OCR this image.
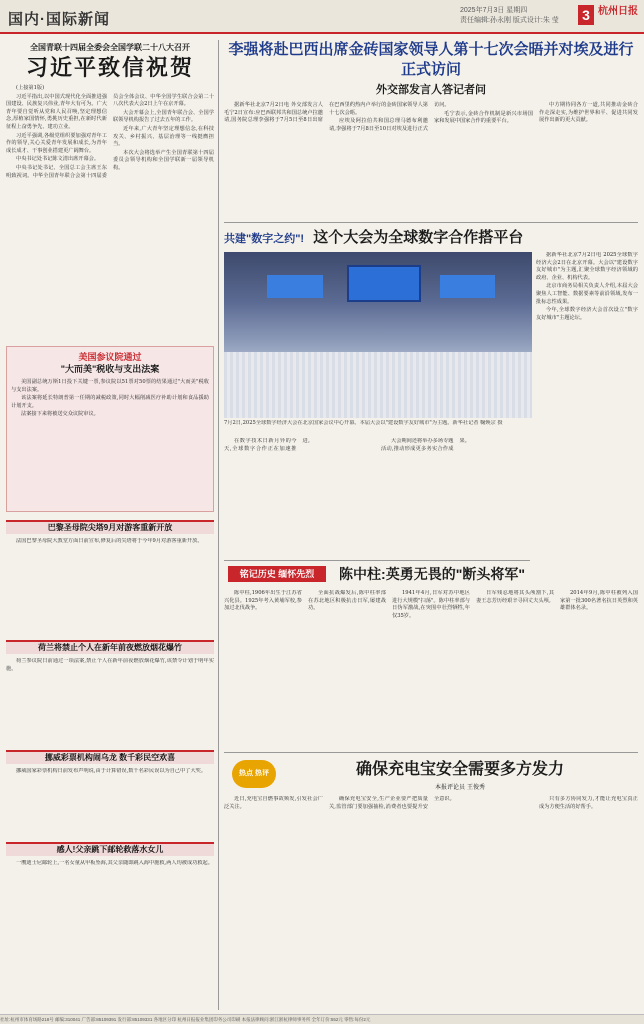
国内·国际新闻
2025年7月3日 星期四
责任编辑:孙永刚 版式设计:朱 莹 3 杭州日报
全国青联十四届全委会全国学联二十八大召开
习近平致信祝贺

(上接第1版)

习近平指出,以中国式现代化全面推进强国建设、民族复兴伟业,青年大有可为。广大青年要自觉听从党和人民召唤,坚定理想信念,厚植家国情怀,勇挑历史重担,在新时代新征程上奋勇争先、建功立业。

习近平强调,各级党组织要加强对青年工作的领导,关心关爱青年发展和成长,为青年成长成才、干事创业搭建更广阔舞台。

中央书记处书记陈文清出席开幕会。

中央书记处书记、全国总工会主席王东明致祝词。中华全国青年联合会第十四届委员会全体会议、中华全国学生联合会第二十八次代表大会2日上午在京开幕。

大会开幕会上,全国青年联合会、全国学联领导机构报告了过去五年的工作。

近年来,广大青年坚定理想信念,在科技攻关、乡村振兴、基层治理等一线挺膺担当。

本次大会将选举产生全国青联第十四届委员会领导机构和全国学联新一届领导机构。

美国参议院通过
"大而美"税收与支出法案

美国副总统万斯1日投下关键一票,参议院以51票对50票的结果通过"大而美"税收与支出法案。

该法案将延长特朗普第一任期的减税政策,同时大幅削减医疗补助计划和食品援助计划开支。

法案接下来将被送交众议院审议。

巴黎圣母院尖塔9月对游客重新开放

法国巴黎圣母院大教堂方面日前宣布,修复后的尖塔将于今年9月对游客重新开放。

荷兰将禁止个人在新年前夜燃放烟花爆竹

荷兰参议院日前通过一项法案,禁止个人在新年前夜燃放烟花爆竹,该禁令计划于明年实施。

挪威彩票机构闹乌龙 数千彩民空欢喜

挪威国家彩票机构日前发布声明说,由于计算错误,数千名彩民误以为自己中了大奖。

感人!父亲跳下邮轮救落水女儿

一艘迪士尼邮轮上,一名女童从甲板坠海,其父亲随即跳入海中施救,两人均被成功救起。

李强将赴巴西出席金砖国家领导人第十七次会晤并对埃及进行正式访问
外交部发言人答记者问

据新华社北京7月2日电 外交部发言人毛宁2日宣布:应巴西联邦共和国总统卢拉邀请,国务院总理李强将于7月5日至8日出席在巴西里约热内卢举行的金砖国家领导人第十七次会晤。

应埃及阿拉伯共和国总理马德布利邀请,李强将于7月8日至10日对埃及进行正式访问。

毛宁表示,金砖合作机制是新兴市场国家和发展中国家合作的重要平台。

中方期待同各方一道,共同推动金砖合作走深走实,为维护世界和平、促进共同发展作出新的更大贡献。

共建"数字之约"! 这个大会为全球数字合作搭平台
7月2日,2025全球数字经济大会在北京国家会议中心开幕。本届大会以"建设数字友好城市"为主题。新华社记者 鞠焕宗 摄

据新华社北京7月2日电 2025全球数字经济大会2日在北京开幕。大会以"建设数字友好城市"为主题,汇聚全球数字经济领域的政府、企业、机构代表。

北京市商务局相关负责人介绍,本届大会聚焦人工智能、数据要素等前沿领域,发布一批标志性成果。

今年,全球数字经济大会首次设立"数字友好城市"主题论坛。

在数字技术日新月异的今天,全球数字合作正在加速推进。	大会期间还将举办多场专题活动,推动形成更多务实合作成果。

铭记历史 缅怀先烈	陈中柱:英勇无畏的"断头将军"

陈中柱,1906年出生于江苏省兴化县。1925年考入黄埔军校,参加过北伐战争。

全面抗战爆发后,陈中柱率部在苏北地区积极抗击日军,屡建战功。

1941年4月,日军对苏中地区进行大规模"扫荡"。陈中柱率部与日伪军激战,在突围中壮烈牺牲,年仅35岁。

日军残忍地将其头颅割下,其妻王志芳历经艰辛寻回丈夫头颅。

2014年9月,陈中柱被列入国家第一批300名著名抗日英烈和英雄群体名录。

热点 热评	确保充电宝安全需要多方发力
本报评论员 王俊秀

近日,充电宝自燃事故频发,引发社会广泛关注。

确保充电宝安全,生产企业要严把质量关,监管部门要加强抽检,消费者也要提升安全意识。	只有多方协同发力,才能让充电宝真正成为方便生活的好帮手。

社址:杭州市体育场路218号 邮编:310041 广告部:85109391 发行部:85109331 各地区分印 杭州日报报业集团印务公司印刷 本报法律顾问:浙江浙杭律师事务所 全年订价:552元 零售:每份2元
